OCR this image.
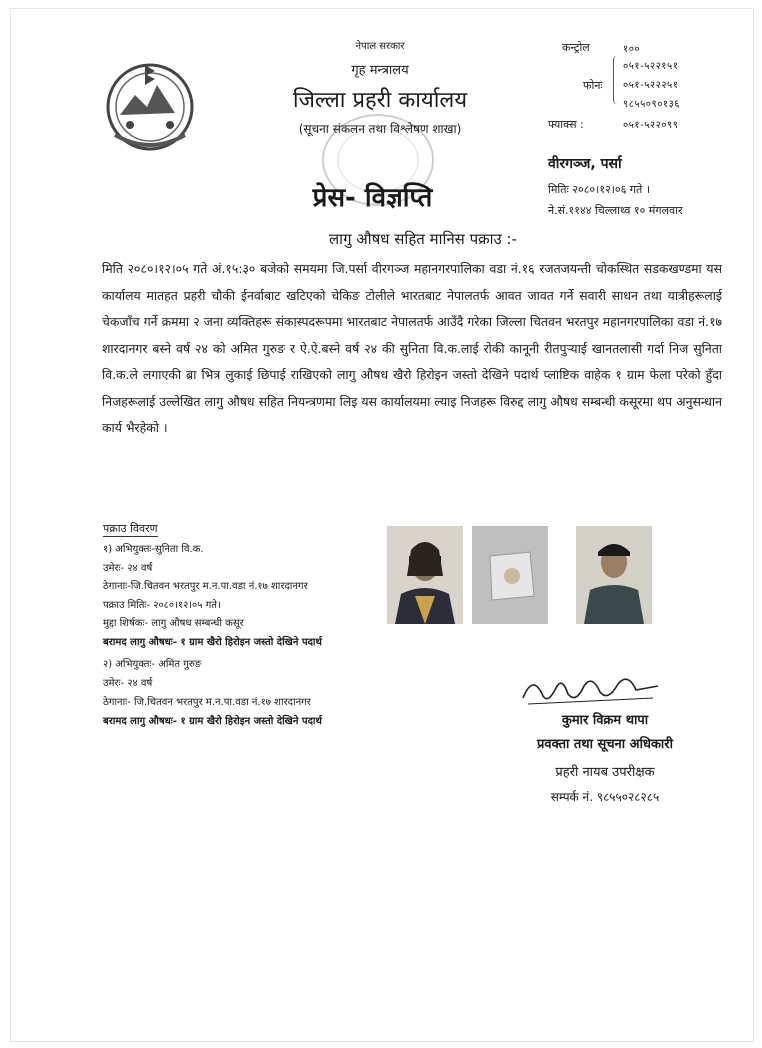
नेपाल सरकार
गृह मन्त्रालय
जिल्ला प्रहरी कार्यालय
(सूचना संकलन तथा विश्लेषण शाखा)
कन्ट्रोल	१००
फोनः
०५१-५२२१५१
०५१-५२२२५१
९८५५०९०१३६
फ्याक्स :	०५१-५२२०९९
वीरगञ्ज, पर्सा
मितिः २०८०।१२।०६ गते ।
ने.सं.११४४ चिल्लाथ्व १० मंगलवार
प्रेस- विज्ञप्ति
लागु औषध सहित मानिस पक्राउ :-
मिति २०८०।१२।०५ गते अं.१५:३० बजेको समयमा जि.पर्सा वीरगञ्ज महानगरपालिका वडा नं.१६ रजतजयन्ती चोकस्थित सडकखण्डमा यस कार्यालय मातहत प्रहरी चौकी ईनर्वाबाट खटिएको चेकिङ टोलीले भारतबाट नेपालतर्फ आवत जावत गर्ने सवारी साधन तथा यात्रीहरूलाई चेकजाँच गर्ने क्रममा २ जना व्यक्तिहरू संकास्पदरूपमा भारतबाट नेपालतर्फ आउँदै गरेका जिल्ला चितवन भरतपुर महानगरपालिका वडा नं.१७ शारदानगर बस्ने वर्ष २४ को अमित गुरुङ र ऐ.ऐ.बस्ने वर्ष २४ की सुनिता वि.क.लाई रोकी कानूनी रीतपुऱ्याई खानतलासी गर्दा निज सुनिता वि.क.ले लगाएकी ब्रा भित्र लुकाई छिपाई राखिएको लागु औषध खैरो हिरोइन जस्तो देखिने पदार्थ प्लाष्टिक वाहेक १ ग्राम फेला परेको हुँदा निजहरूलाई उल्लेखित लागु औषध सहित नियन्त्रणमा लिइ यस कार्यालयमा ल्याइ निजहरू विरुद्द लागु औषध सम्बन्धी कसूरमा थप अनुसन्धान कार्य भैरहेको ।
पक्राउ विवरण
१) अभियुक्तः-सुनिता वि.क.
उमेरः- २४ वर्ष
ठेगानाः-जि.चितवन भरतपुर म.न.पा.वडा नं.१७ शारदानगर
पक्राउ मितिः- २०८०।१२।०५ गते।
मुद्दा शिर्षकः- लागु औषध सम्बन्धी कसूर
बरामद लागु औषधः- १ ग्राम खैरो हिरोइन जस्तो देखिने पदार्थ
२) अभियुक्तः- अमित गुरुङ
उमेरः- २४ वर्ष
ठेगानाः- जि.चितवन भरतपुर म.न.पा.वडा नं.१७ शारदानगर
बरामद लागु औषधः- १ ग्राम खैरो हिरोइन जस्तो देखिने पदार्थ	कुमार विक्रम थापा
प्रवक्ता तथा सूचना अधिकारी
प्रहरी नायब उपरीक्षक
सम्पर्क नं. ९८५५०२८२८५
